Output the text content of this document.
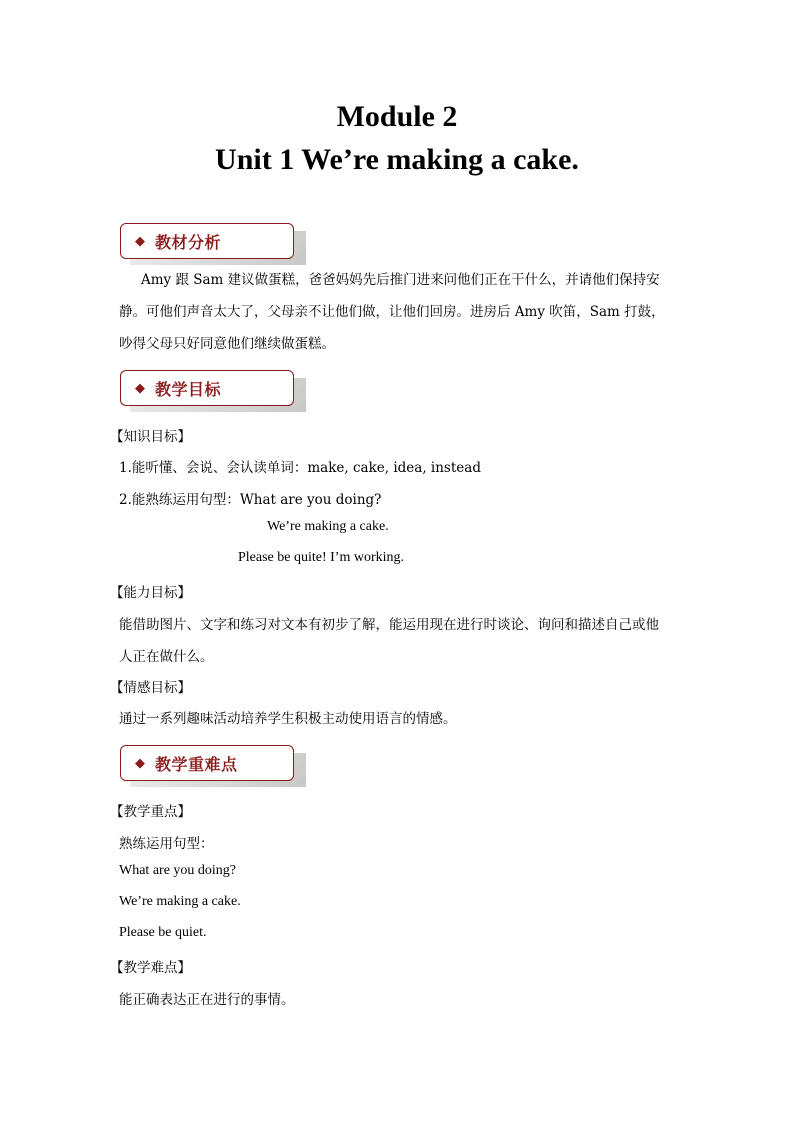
Module 2
Unit 1 We’re making a cake.
◆ 教材分析
Amy 跟 Sam 建议做蛋糕，爸爸妈妈先后推门进来问他们正在干什么，并请他们保持安
静。可他们声音太大了，父母亲不让他们做，让他们回房。进房后 Amy 吹笛，Sam 打鼓，
吵得父母只好同意他们继续做蛋糕。
◆ 教学目标
【知识目标】
1.能听懂、会说、会认读单词：make, cake, idea, instead
2.能熟练运用句型：What are you doing?
We’re making a cake.
Please be quite! I’m working.
【能力目标】
能借助图片、文字和练习对文本有初步了解，能运用现在进行时谈论、询问和描述自己或他
人正在做什么。
【情感目标】
通过一系列趣味活动培养学生积极主动使用语言的情感。
◆ 教学重难点
【教学重点】
熟练运用句型：
What are you doing?
We’re making a cake.
Please be quiet.
【教学难点】
能正确表达正在进行的事情。
